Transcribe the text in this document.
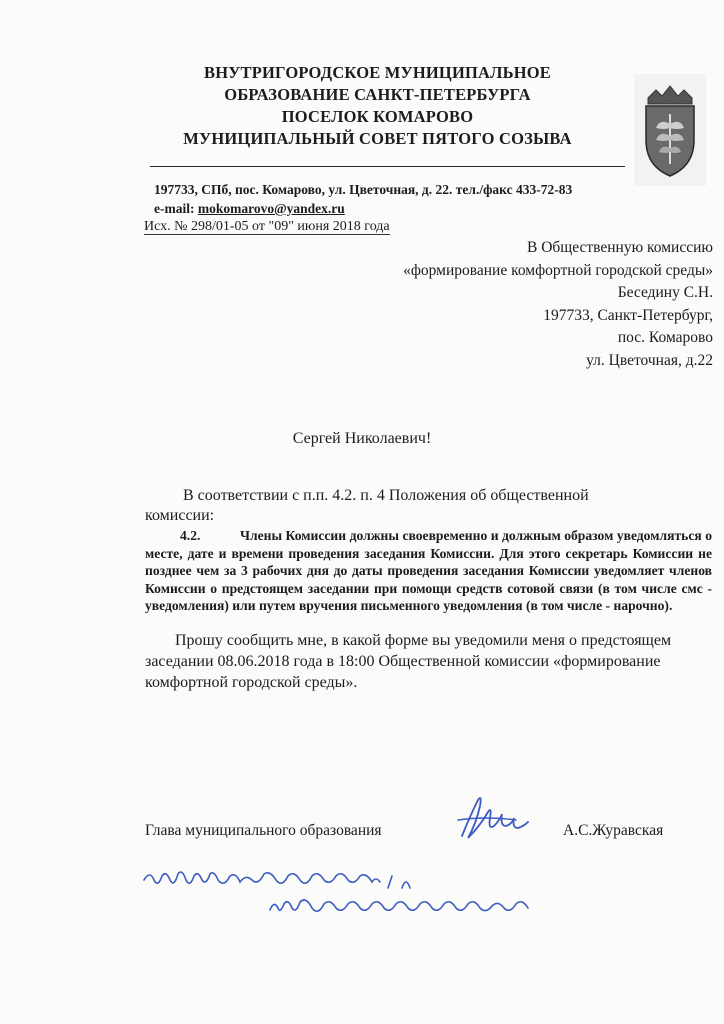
ВНУТРИГОРОДСКОЕ МУНИЦИПАЛЬНОЕ
ОБРАЗОВАНИЕ САНКТ-ПЕТЕРБУРГА
ПОСЕЛОК КОМАРОВО
МУНИЦИПАЛЬНЫЙ СОВЕТ ПЯТОГО СОЗЫВА
197733, СПб, пос. Комарово, ул. Цветочная, д. 22. тел./факс 433-72-83
e-mail: mokomarovo@yandex.ru
Исх. № 298/01-05 от "09" июня 2018 года
В Общественную комиссию
«формирование комфортной городской среды»
Беседину С.Н.
197733, Санкт-Петербург,
пос. Комарово
ул. Цветочная, д.22
Сергей Николаевич!
В соответствии с п.п. 4.2. п. 4 Положения об общественной
комиссии:
4.2.	Члены Комиссии должны своевременно и должным образом уведомляться о месте, дате и времени проведения заседания Комиссии. Для этого секретарь Комиссии не позднее чем за 3 рабочих дня до даты проведения заседания Комиссии уведомляет членов Комиссии о предстоящем заседании при помощи средств сотовой связи (в том числе смс - уведомления) или путем вручения письменного уведомления (в том числе - нарочно).
Прошу сообщить мне, в какой форме вы уведомили меня о предстоящем
заседании 08.06.2018 года в 18:00 Общественной комиссии «формирование
комфортной городской среды».
Глава муниципального образования	А.С.Журавская
